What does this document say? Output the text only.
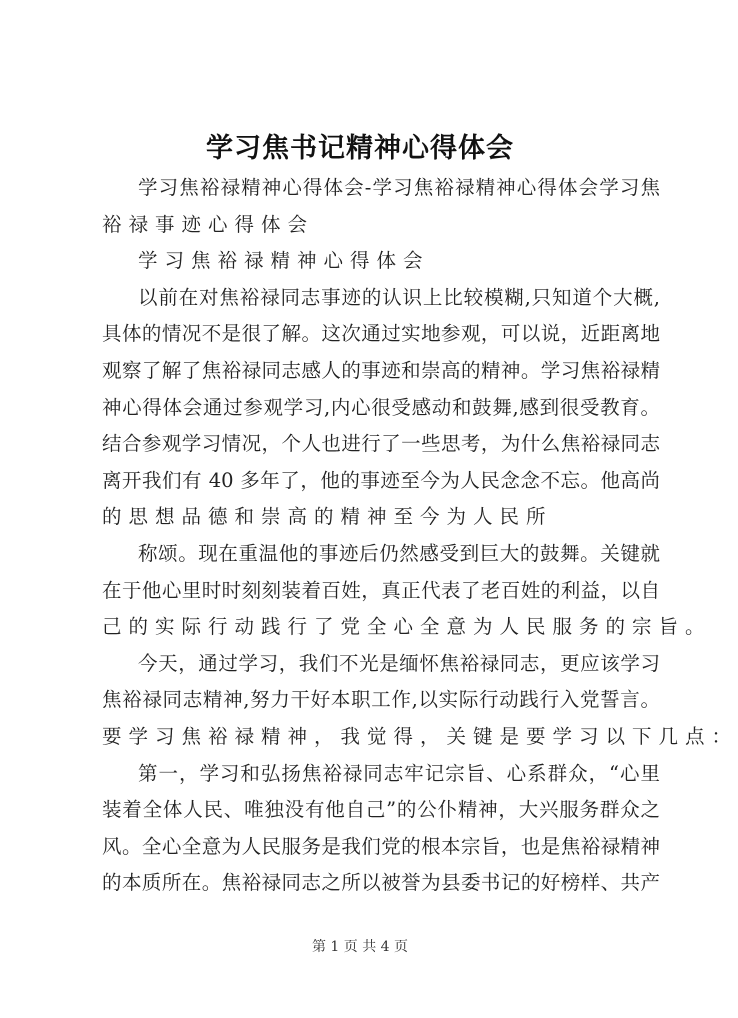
学习焦书记精神心得体会
学习焦裕禄精神心得体会-学习焦裕禄精神心得体会学习焦
裕禄事迹心得体会
学习焦裕禄精神心得体会
以前在对焦裕禄同志事迹的认识上比较模糊,只知道个大概,
具体的情况不是很了解。这次通过实地参观，可以说，近距离地
观察了解了焦裕禄同志感人的事迹和崇高的精神。学习焦裕禄精
神心得体会通过参观学习,内心很受感动和鼓舞,感到很受教育。
结合参观学习情况，个人也进行了一些思考，为什么焦裕禄同志
离开我们有 40 多年了，他的事迹至今为人民念念不忘。他高尚
的思想品德和崇高的精神至今为人民所
称颂。现在重温他的事迹后仍然感受到巨大的鼓舞。关键就
在于他心里时时刻刻装着百姓，真正代表了老百姓的利益，以自
己的实际行动践行了党全心全意为人民服务的宗旨。
今天，通过学习，我们不光是缅怀焦裕禄同志，更应该学习
焦裕禄同志精神,努力干好本职工作,以实际行动践行入党誓言。
要学习焦裕禄精神，我觉得，关键是要学习以下几点：
第一，学习和弘扬焦裕禄同志牢记宗旨、心系群众，“心里
装着全体人民、唯独没有他自己”的公仆精神，大兴服务群众之
风。全心全意为人民服务是我们党的根本宗旨，也是焦裕禄精神
的本质所在。焦裕禄同志之所以被誉为县委书记的好榜样、共产
第 1 页 共 4 页
